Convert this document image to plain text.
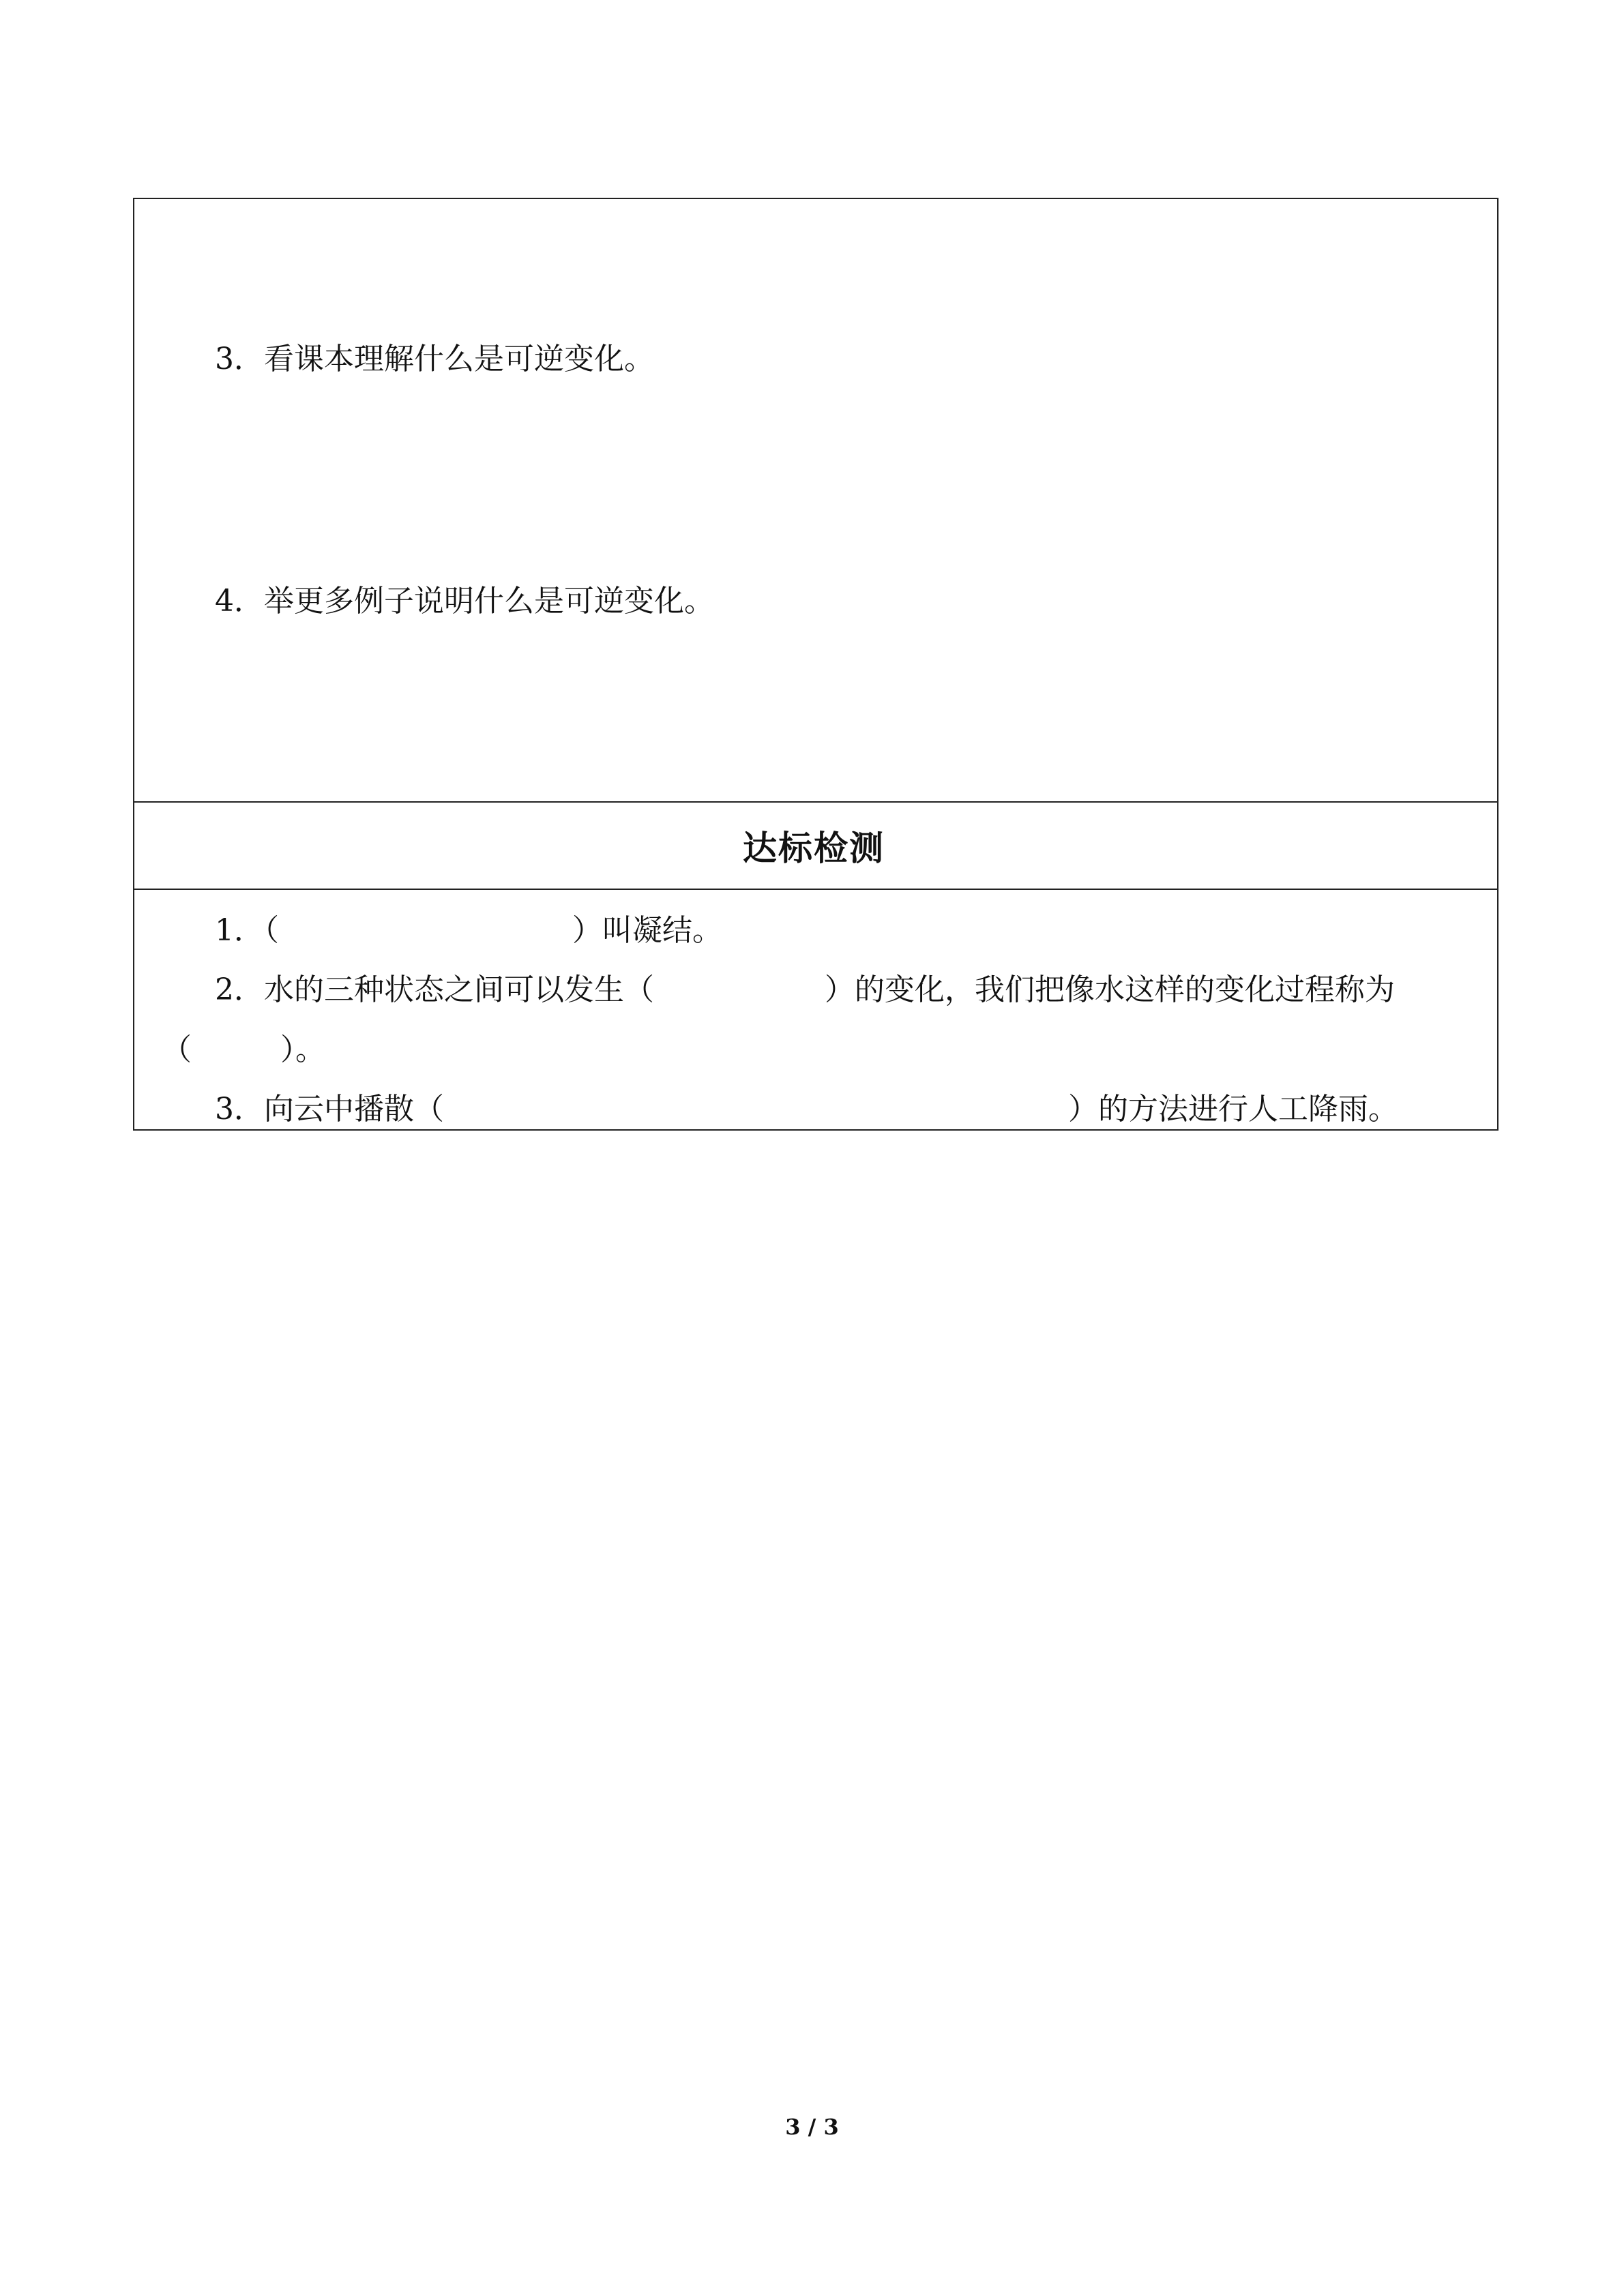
3．看课本理解什么是可逆变化。
4．举更多例子说明什么是可逆变化。
达标检测
1．（	）叫凝结。
2．水的三种状态之间可以发生（	）的变化，我们把像水这样的变化过程称为
（	）。
3．向云中播散（	）的方法进行人工降雨。
3 / 3
